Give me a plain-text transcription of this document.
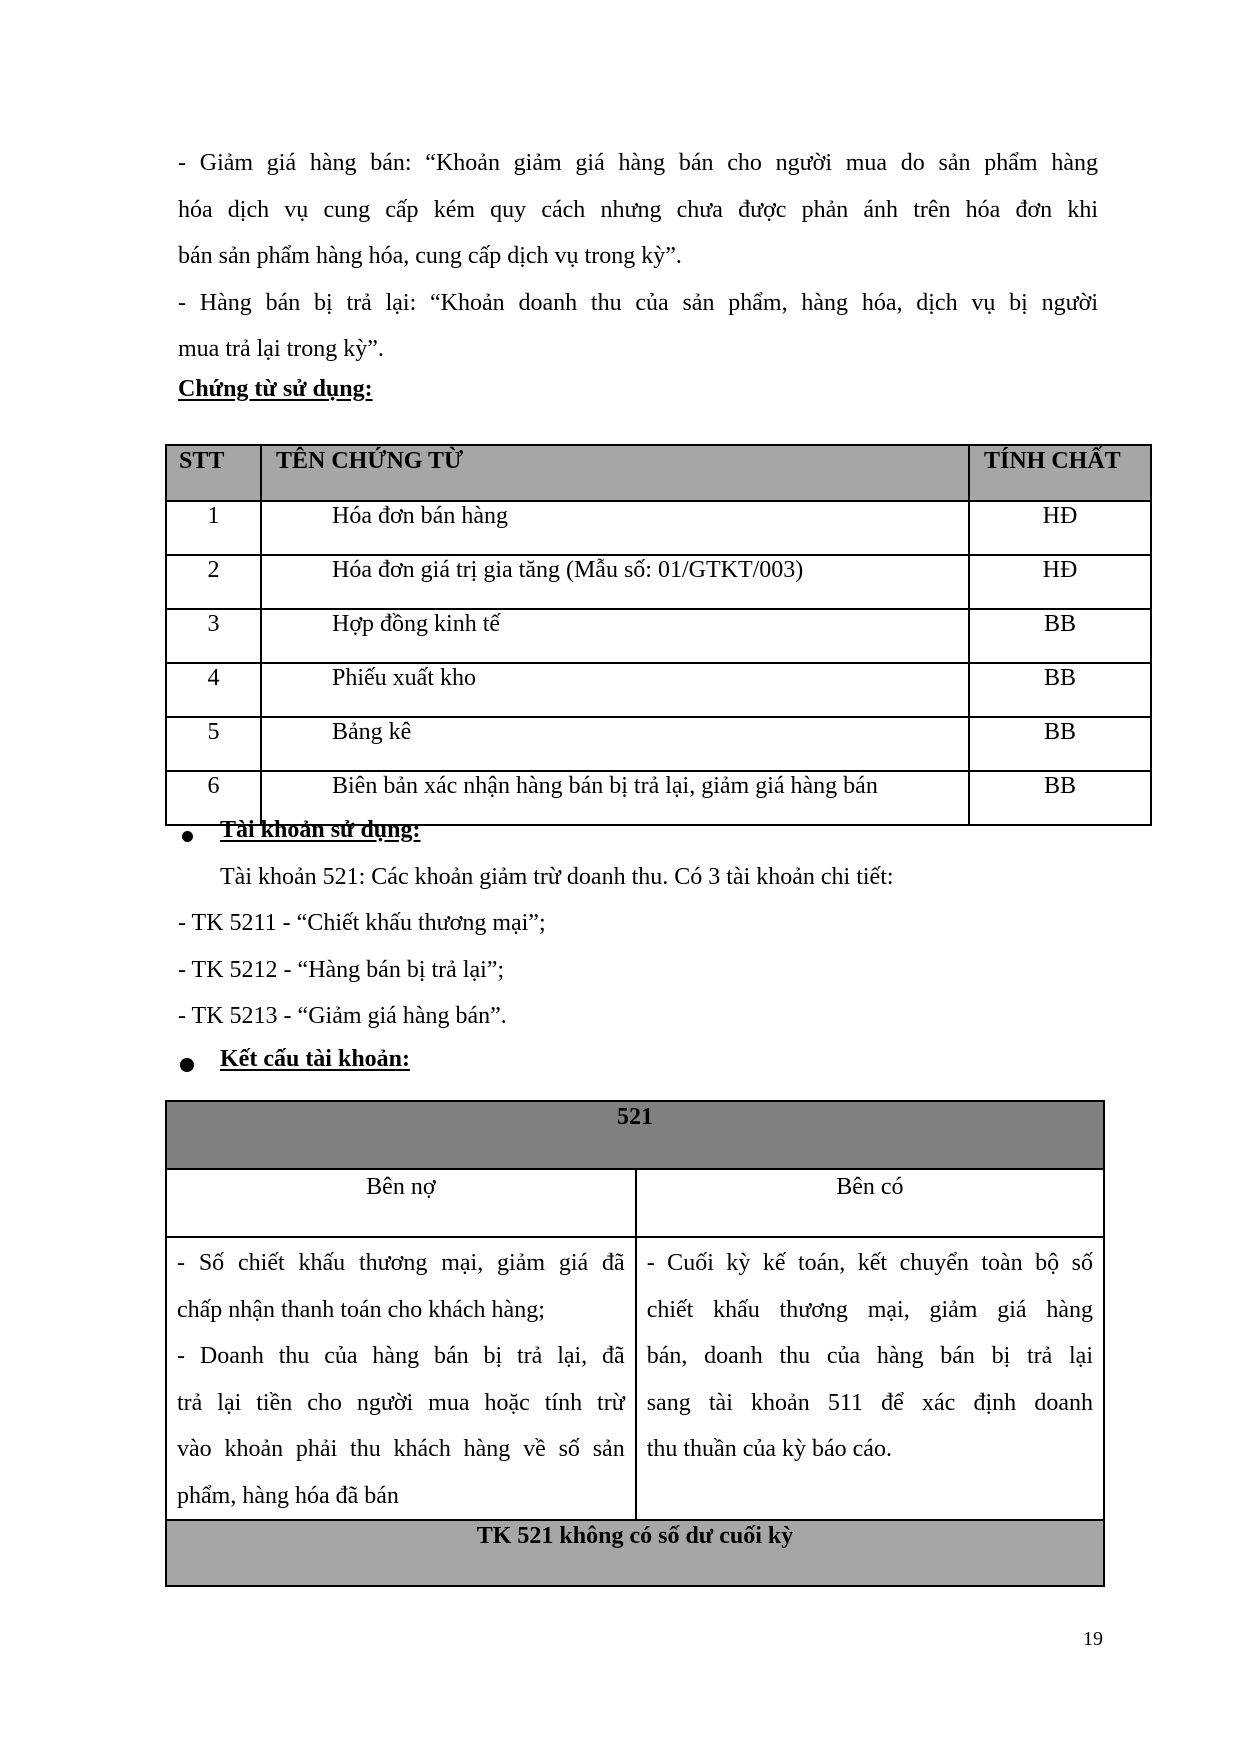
- Giảm giá hàng bán: “Khoản giảm giá hàng bán cho người mua do sản phẩm hàng
hóa dịch vụ cung cấp kém quy cách nhưng chưa được phản ánh trên hóa đơn khi
bán sản phẩm hàng hóa, cung cấp dịch vụ trong kỳ”.
- Hàng bán bị trả lại: “Khoản doanh thu của sản phẩm, hàng hóa, dịch vụ bị người
mua trả lại trong kỳ”.
Chứng từ sử dụng:
STT	TÊN CHỨNG TỪ	TÍNH CHẤT
1	Hóa đơn bán hàng	HĐ
2	Hóa đơn giá trị gia tăng (Mẫu số: 01/GTKT/003)	HĐ
3	Hợp đồng kinh tế	BB
4	Phiếu xuất kho	BB
5	Bảng kê	BB
6	Biên bản xác nhận hàng bán bị trả lại, giảm giá hàng bán	BB
Tài khoản sử dụng:
Tài khoản 521: Các khoản giảm trừ doanh thu. Có 3 tài khoản chi tiết:
- TK 5211 - “Chiết khấu thương mại”;
- TK 5212 - “Hàng bán bị trả lại”;
- TK 5213 - “Giảm giá hàng bán”.
Kết cấu tài khoản:
521	
Bên nợ	Bên có

- Số chiết khấu thương mại, giảm giá đã
chấp nhận thanh toán cho khách hàng;
- Doanh thu của hàng bán bị trả lại, đã
trả lại tiền cho người mua hoặc tính trừ
vào khoản phải thu khách hàng về số sản
phẩm, hàng hóa đã bán

- Cuối kỳ kế toán, kết chuyển toàn bộ số
chiết khấu thương mại, giảm giá hàng
bán, doanh thu của hàng bán bị trả lại
sang tài khoản 511 để xác định doanh
thu thuần của kỳ báo cáo.

TK 521 không có số dư cuối kỳ	
19
